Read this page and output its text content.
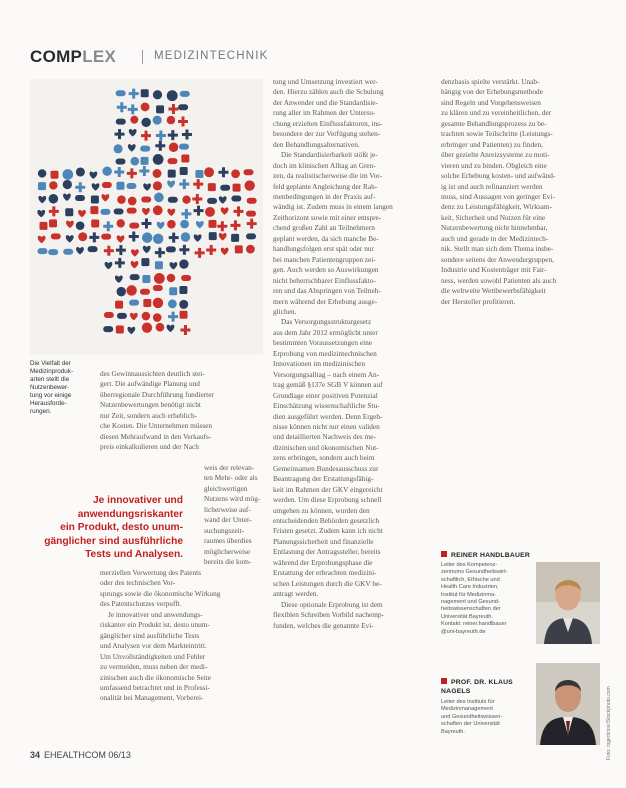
COMPLEX	MEDIZINTECHNIK
Die Vielfalt der
Medizinproduk-
arten stellt die
Nutzenbewer-
tung vor einige
Herausforde-
rungen.
des Gewinnaussichten deutlich stei-
gert. Die aufwändige Planung und
überregionale Durchführung fundierter
Nutzenbewertungen benötigt nicht
nur Zeit, sondern auch erheblich-
che Kosten. Die Unternehmen müssen
diesen Mehraufwand in den Verkaufs-
preis einkalkulieren und der Nach
Je innovativer und
anwendungsriskanter
ein Produkt, desto unum-
gänglicher sind ausführliche
Tests und Analysen.
weis der relevan-
ten Mehr- oder als
gleichwertigen
Nutzens wird mög-
licherweise auf-
wand der Unter-
suchungszeit-
raumes überdies
möglicherweise
bereits die kom-
merziellen Verwertung des Patents
oder des technischen Vor-
sprungs sowie die ökonomische Wirkung
des Patentschutzes verpufft.
Je innovativer und anwendungs-
riskanter ein Produkt ist, desto unum-
gänglicher sind ausführliche Tests
und Analysen vor dem Markteintritt.
Um Unvollständigkeiten und Fehler
zu vermeiden, muss neben der medi-
zinischen auch die ökonomische Seite
umfassend betrachtet und in Professi-
onalität bei Management, Vorberei-
tung und Umsetzung investiert wer-
den. Hierzu zählen auch die Schulung
der Anwender und die Standardisie-
rung aller im Rahmen der Untersu-
chung erzielten Einflussfaktoren, ins-
besondere der zur Verfügung stehen-
den Behandlungsalternativen.
Die Standardisierbarkeit stößt je-
doch im klinischen Alltag an Gren-
zen, da realistischerweise die im Vor-
feld geplante Angleichung der Rah-
menbedingungen in der Praxis auf-
wändig ist. Zudem muss in einem langen
Zeithorizont sowie mit einer entspre-
chend großen Zahl an Teilnehmern
geplant werden, da sich manche Be-
handlungsfolgen erst spät oder nur
bei manchen Patientengruppen zei-
gen. Auch werden so Auswirkungen
nicht beherrschbarer Einflussfakto-
ren und das Abspringen von Teilneh-
mern während der Erhebung ausge-
glichen.
Das Versorgungsstrukturgesetz
aus dem Jahr 2012 ermöglicht unter
bestimmten Voraussetzungen eine
Erprobung von medizintechnischen
Innovationen im medizinischen
Versorgungsalltag – nach einem An-
trag gemäß §137e SGB V können auf
Grundlage einer positiven Potenzial
Einschätzung wissenschaftliche Stu-
dien ausgeführt werden. Denn Ergeb-
nisse können nicht nur einen validen
und detaillierten Nachweis des me-
dizinischen und ökonomischen Nut-
zens erbringen, sondern auch beim
Gemeinsamen Bundesausschuss zur
Beantragung der Erstattungsfähig-
keit im Rahmen der GKV eingereicht
werden. Um diese Erprobung schnell
umgehen zu können, wurden den
entscheidenden Behörden gesetzlich
Fristen gesetzt. Zudem kann ich nicht
Planungssicherheit und finanzielle
Entlastung der Antragssteller, bereits
während der Erprobungsphase die
Erstattung der erbrachten medizini-
schen Leistungen durch die GKV be-
antragt werden.
Diese optionale Erprobung ist dem
flexiblen Schreiben Vorbild nachemp-
funden, welches die genannte Evi-
denzbasis spielte verstärkt. Unab-
hängig von der Erhebungsmethode
sind Regeln und Vorgehensweisen
zu klären und zu vereinheitlichen, der
gesamte Behandlungsprozess zu be-
trachten sowie Teilschritte (Leistungs-
erbringer und Patienten) zu finden,
über gezielte Anreizsysteme zu moti-
vieren und zu binden. Obgleich eine
solche Erhebung kosten- und aufwänd-
ig ist und auch refinanziert werden
muss, sind Aussagen von geringer Evi-
denz zu Leistungsfähigkeit, Wirksam-
keit, Sicherheit und Nutzen für eine
Nutzenbewertung nicht hinnehmbar,
auch und gerade in der Medizintech-
nik. Stellt man sich dem Thema insbe-
sondere seitens der Anwendergruppen,
Industrie und Kostenträger mit Fair-
ness, werden sowohl Patienten als auch
die weltweite Wettbewerbsfähigkeit
der Hersteller profitieren.
REINER HANDLBAUER
Leiter des Kompetenz-
zentrums Gesundheitswirt-
schaftlich, Ethische und
Health Care Industrien,
Institut für Medizinma-
nagement und Gesund-
heitswissenschaften der
Universität Bayreuth.
Kontakt: reiner.handlbauer
@uni-bayreuth.de
PROF. DR. KLAUS
NAGELS
Leiter des Instituts für
Medizinmanagement
und Gesundheitswissen-
schaften der Universität
Bayreuth.
34 EHEALTHCOM 06/13	Foto: rogerbrice/iStockphoto.com
